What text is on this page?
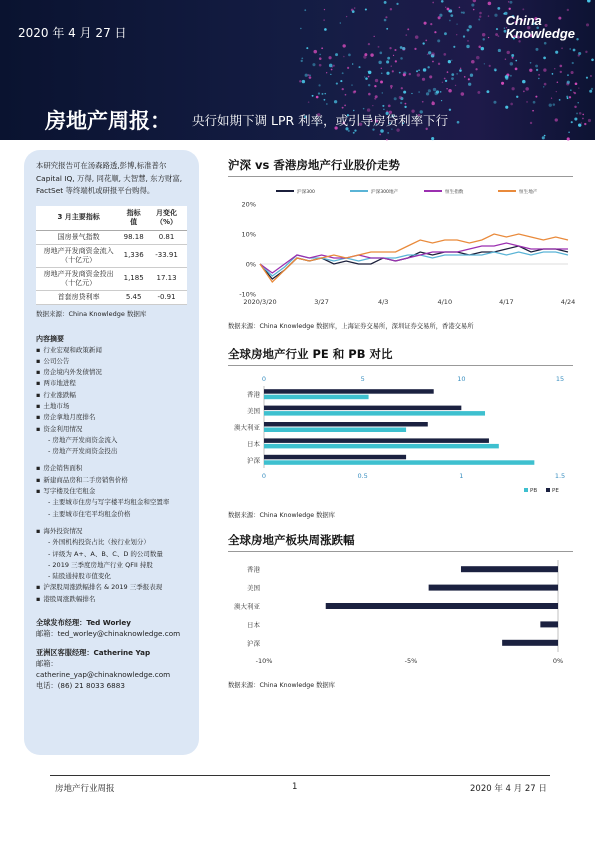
2020 年 4 月 27 日
China
Knowledge
房地产周报： 央行如期下调 LPR 利率，或引导房贷利率下行
本研究报告可在汤森路透,彭博,标准普尔 Capital IQ, 万得, 同花顺, 大智慧, 东方财富, FactSet 等终端机或研报平台购得。
3 月主要指标	指标值	月变化（%）
国房景气指数	98.18	0.81
房地产开发商资金流入（十亿元）	1,336	-33.91
房地产开发商资金投出（十亿元）	1,185	17.13
首套房贷利率	5.45	-0.91
数据来源：China Knowledge 数据库
内容摘要
▪ 行业宏观和政策新闻
▪ 公司公告
▪ 房企境内外发债情况
▪ 两市地进程
▪ 行业涨跌幅
▪ 土地市场
▪ 房企拿地月度排名
▪ 资金利用情况
- 房地产开发商资金流入
- 房地产开发商资金投出
▪ 房企销售面积
▪ 新建商品房和二手房销售价格
▪ 写字楼及住宅租金
- 主要城市住房与写字楼平均租金和空置率
- 主要城市住宅平均租金价格
▪ 海外投资情况
- 外国机构投资占比（按行业划分）
- 评级为 A+、A、B、C、D 的公司数量
- 2019 三季度房地产行业 QFII 持股
- 陆股通持股市值变化
▪ 沪深股周涨跌幅排名 & 2019 三季报表现
▪ 港股周涨跌幅排名
全球发布经理：Ted Worley
邮箱：ted_worley@chinaknowledge.com
亚洲区客服经理：Catherine Yap
邮箱：catherine_yap@chinaknowledge.com
电话：(86) 21 8033 6883
沪深 vs 香港房地产行业股价走势
沪深300	沪深300地产	恒生指数	恒生地产
-10%
0%
10%
20%
2020/3/20	3/27	4/3	4/10	4/17	4/24
数据来源：China Knowledge 数据库，上海证券交易所，深圳证券交易所，香港交易所
全球房地产行业 PE 和 PB 对比
0	5	10	15
0	0.5	1	1.5
香港
美国
澳大利亚
日本
沪深
PB	PE
数据来源：China Knowledge 数据库
全球房地产板块周涨跌幅
-10%	-5%	0%
香港
美国
澳大利亚
日本
沪深
数据来源：China Knowledge 数据库
房地产行业周报	1	2020 年 4 月 27 日
